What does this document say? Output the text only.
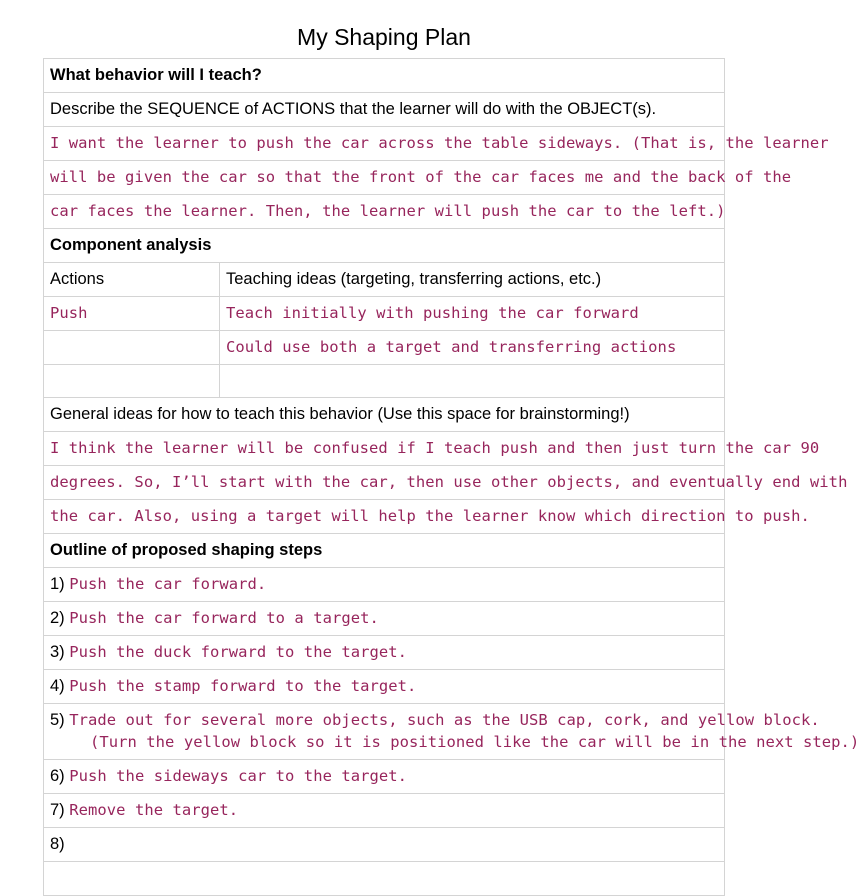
My Shaping Plan
What behavior will I teach?
Describe the SEQUENCE of ACTIONS that the learner will do with the OBJECT(s).
I want the learner to push the car across the table sideways. (That is, the learner
will be given the car so that the front of the car faces me and the back of the
car faces the learner. Then, the learner will push the car to the left.)
Component analysis
Actions	Teaching ideas (targeting, transferring actions, etc.)
Push	Teach initially with pushing the car forward
Could use both a target and transferring actions
General ideas for how to teach this behavior (Use this space for brainstorming!)
I think the learner will be confused if I teach push and then just turn the car 90
degrees. So, I’ll start with the car, then use other objects, and eventually end with
the car. Also, using a target will help the learner know which direction to push.
Outline of proposed shaping steps
1) Push the car forward.
2) Push the car forward to a target.
3) Push the duck forward to the target.
4) Push the stamp forward to the target.
5) Trade out for several more objects, such as the USB cap, cork, and yellow block.
(Turn the yellow block so it is positioned like the car will be in the next step.)
6) Push the sideways car to the target.
7) Remove the target.
8)
